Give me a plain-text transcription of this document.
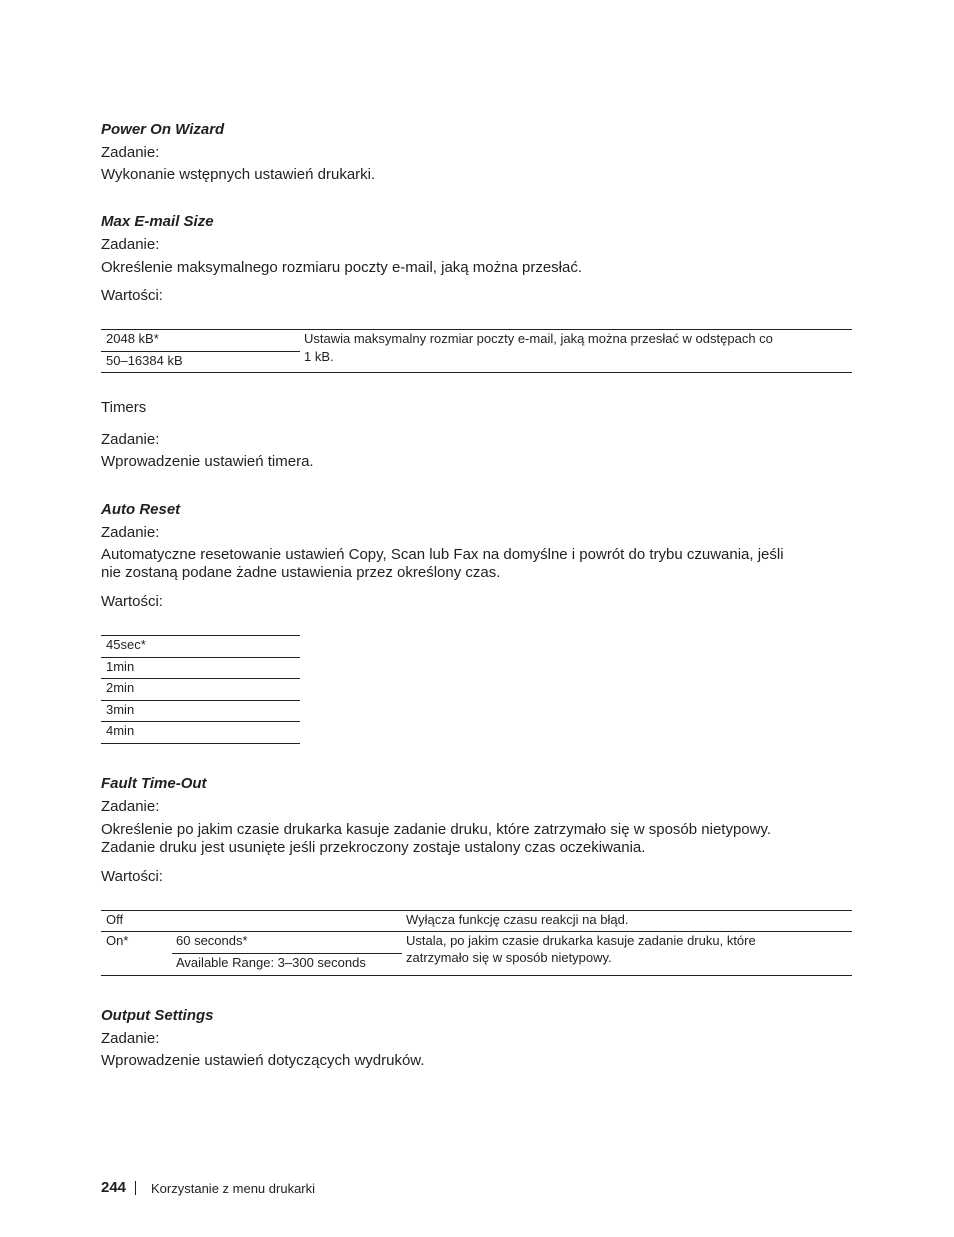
Power On Wizard
Zadanie:
Wykonanie wstępnych ustawień drukarki.
Max E-mail Size
Zadanie:
Określenie maksymalnego rozmiaru poczty e-mail, jaką można przesłać.
Wartości:
2048 kB*
50–16384 kB
Ustawia maksymalny rozmiar poczty e-mail, jaką można przesłać w odstępach co
1 kB.
Timers
Zadanie:
Wprowadzenie ustawień timera.
Auto Reset
Zadanie:
Automatyczne resetowanie ustawień Copy, Scan lub Fax na domyślne i powrót do trybu czuwania, jeśli
nie zostaną podane żadne ustawienia przez określony czas.
Wartości:
45sec*
1min
2min
3min
4min
Fault Time-Out
Zadanie:
Określenie po jakim czasie drukarka kasuje zadanie druku, które zatrzymało się w sposób nietypowy.
Zadanie druku jest usunięte jeśli przekroczony zostaje ustalony czas oczekiwania.
Wartości:
Off	Wyłącza funkcję czasu reakcji na błąd.
On*	60 seconds*
Available Range: 3–300 seconds
Ustala, po jakim czasie drukarka kasuje zadanie druku, które
zatrzymało się w sposób nietypowy.
Output Settings
Zadanie:
Wprowadzenie ustawień dotyczących wydruków.
244 Korzystanie z menu drukarki
